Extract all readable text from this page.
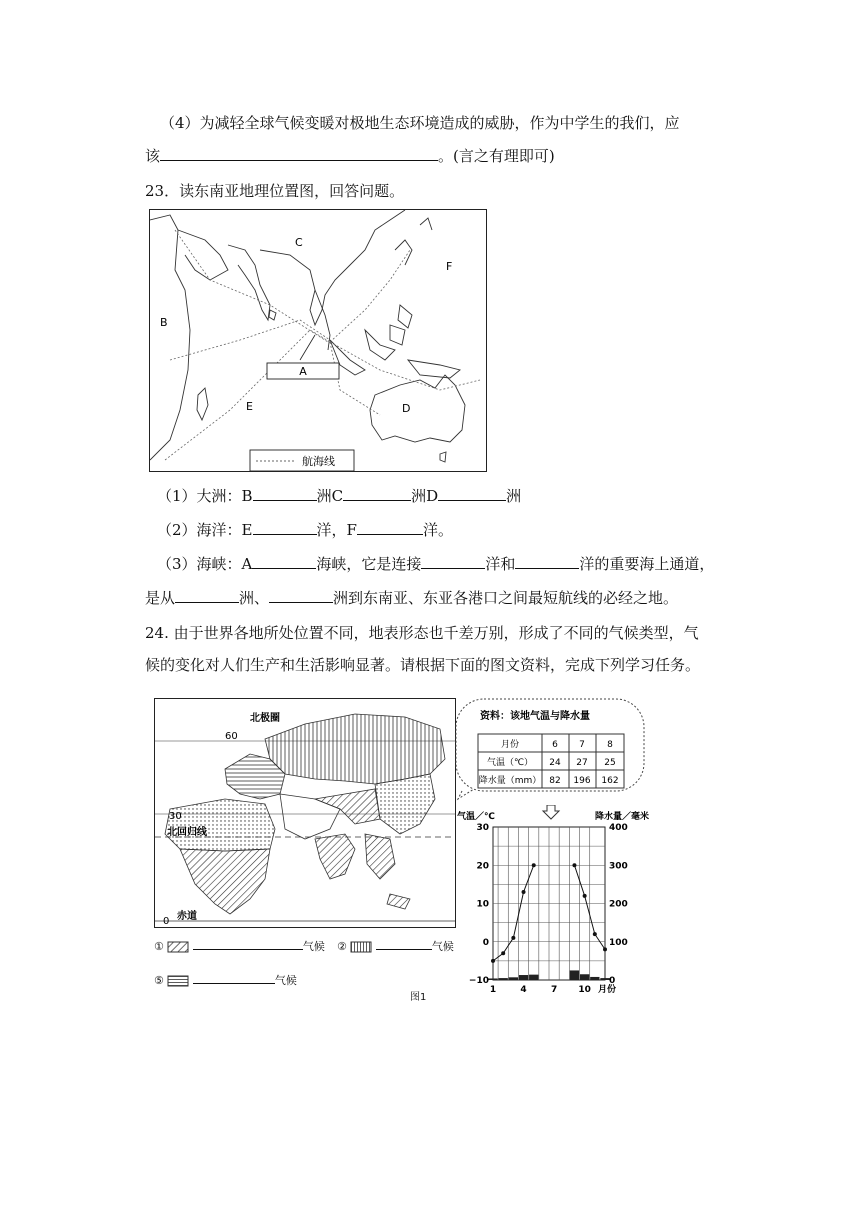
（4）为减轻全球气候变暖对极地生态环境造成的威胁，作为中学生的我们，应
该	。(言之有理即可)
23．读东南亚地理位置图，回答问题。
A
C
F
B
E	D
航海线
（1）大洲：B	洲C	洲D	洲
（2）海洋：E	洋，F	洋。
（3）海峡：A	海峡，它是连接	洋和	洋的重要海上通道，
是从	洲、	洲到东南亚、东亚各港口之间最短航线的必经之地。
24. 由于世界各地所处位置不同，地表形态也千差万别，形成了不同的气候类型，气
候的变化对人们生产和生活影响显著。请根据下面的图文资料，完成下列学习任务。
北极圈
60
30
北回归线
赤道
0
①	气候 ②	气候
⑤	气候
资料：该地气温与降水量
月份	6 7 8
气温（℃） 24 27 25
降水量（mm） 82 196 162
气温／℃	降水量／毫米
30
20
10
0
−10
400
300
200
100
0
1	4	7 10 月份
图1
